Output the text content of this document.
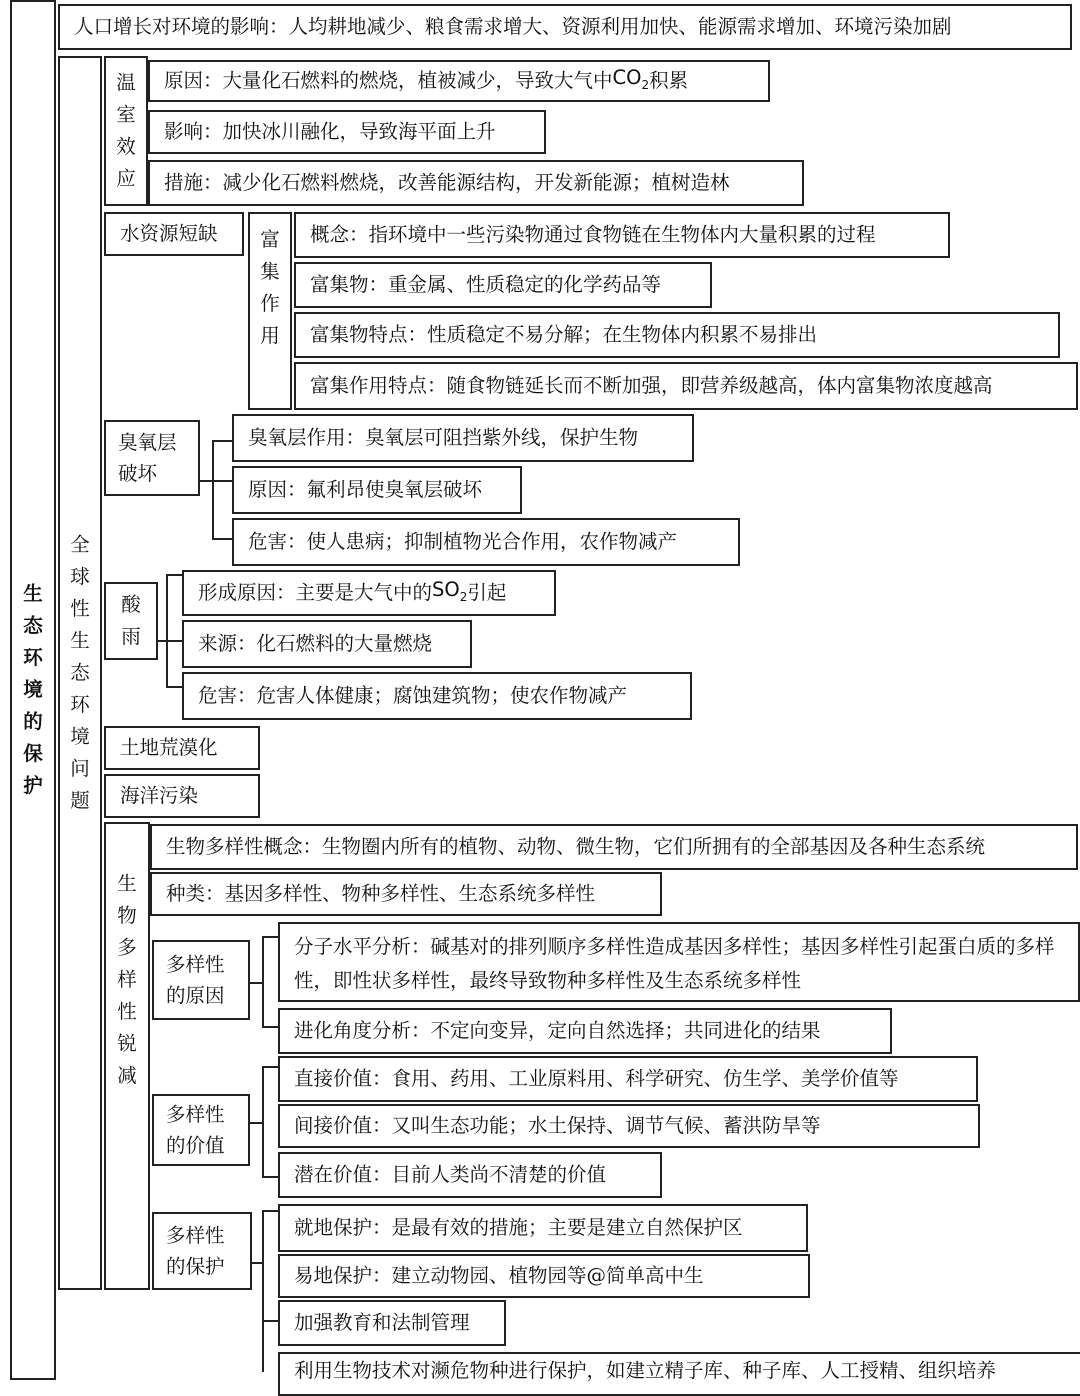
生态环境的保护
人口增长对环境的影响：人均耕地减少、粮食需求增大、资源利用加快、能源需求增加、环境污染加剧
全球性生态环境问题
温室效应
原因：大量化石燃料的燃烧，植被减少，导致大气中 $CO_2$ 积累
影响：加快冰川融化，导致海平面上升
措施：减少化石燃料燃烧，改善能源结构，开发新能源；植树造林
水资源短缺 富集作用
概念：指环境中一些污染物通过食物链在生物体内大量积累的过程
富集物：重金属、性质稳定的化学药品等
富集物特点：性质稳定不易分解；在生物体内积累不易排出
富集作用特点：随食物链延长而不断加强，即营养级越高，体内富集物浓度越高
臭氧层破坏
臭氧层作用：臭氧层可阻挡紫外线，保护生物
原因：氟利昂使臭氧层破坏
危害：使人患病；抑制植物光合作用，农作物减产
酸雨
形成原因：主要是大气中的 $SO_2$ 引起
来源：化石燃料的大量燃烧
危害：危害人体健康；腐蚀建筑物；使农作物减产
土地荒漠化
海洋污染
生物多样性锐减
生物多样性概念：生物圈内所有的植物、动物、微生物，它们所拥有的全部基因及各种生态系统
种类：基因多样性、物种多样性、生态系统多样性
多样性的原因
分子水平分析：碱基对的排列顺序多样性造成基因多样性；基因多样性引起蛋白质的多样性，即性状多样性，最终导致物种多样性及生态系统多样性
进化角度分析：不定向变异，定向自然选择；共同进化的结果
多样性的价值
直接价值：食用、药用、工业原料用、科学研究、仿生学、美学价值等
间接价值：又叫生态功能；水土保持、调节气候、蓄洪防旱等
潜在价值：目前人类尚不清楚的价值
多样性的保护
就地保护：是最有效的措施；主要是建立自然保护区
易地保护：建立动物园、植物园等@简单高中生
加强教育和法制管理
利用生物技术对濒危物种进行保护，如建立精子库、种子库、人工授精、组织培养
